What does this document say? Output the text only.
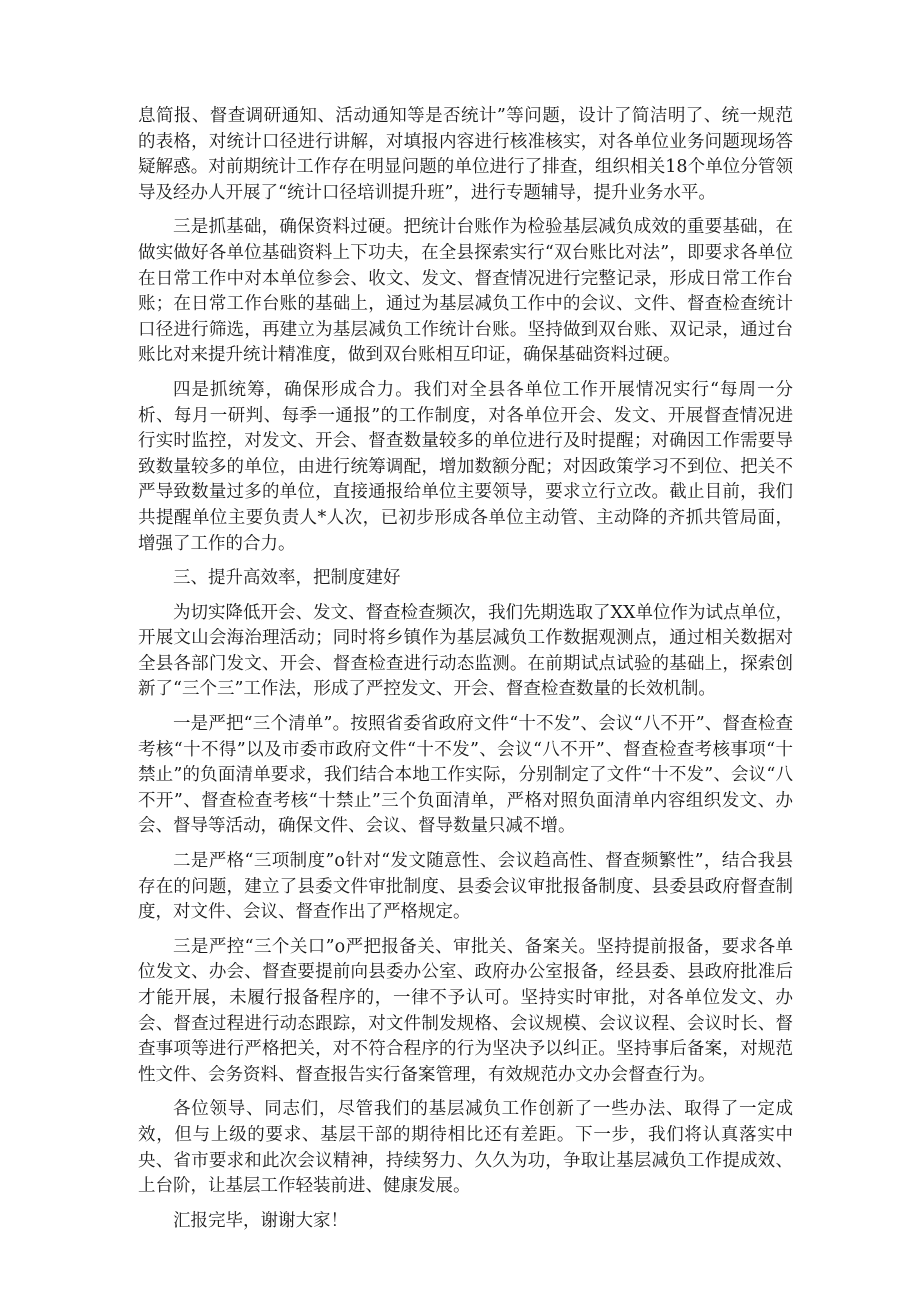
息简报、督查调研通知、活动通知等是否统计”等问题，设计了简洁明了、统一规范的表格，对统计口径进行讲解，对填报内容进行核准核实，对各单位业务问题现场答疑解惑。对前期统计工作存在明显问题的单位进行了排查，组织相关18个单位分管领导及经办人开展了“统计口径培训提升班”，进行专题辅导，提升业务水平。

三是抓基础，确保资料过硬。把统计台账作为检验基层减负成效的重要基础，在做实做好各单位基础资料上下功夫，在全县探索实行“双台账比对法”，即要求各单位在日常工作中对本单位参会、收文、发文、督查情况进行完整记录，形成日常工作台账；在日常工作台账的基础上，通过为基层减负工作中的会议、文件、督查检查统计口径进行筛选，再建立为基层减负工作统计台账。坚持做到双台账、双记录，通过台账比对来提升统计精准度，做到双台账相互印证，确保基础资料过硬。

四是抓统筹，确保形成合力。我们对全县各单位工作开展情况实行“每周一分析、每月一研判、每季一通报”的工作制度，对各单位开会、发文、开展督查情况进行实时监控，对发文、开会、督查数量较多的单位进行及时提醒；对确因工作需要导致数量较多的单位，由进行统筹调配，增加数额分配；对因政策学习不到位、把关不严导致数量过多的单位，直接通报给单位主要领导，要求立行立改。截止目前，我们共提醒单位主要负责人*人次，已初步形成各单位主动管、主动降的齐抓共管局面，增强了工作的合力。

三、提升高效率，把制度建好

为切实降低开会、发文、督查检查频次，我们先期选取了XX单位作为试点单位，开展文山会海治理活动；同时将乡镇作为基层减负工作数据观测点，通过相关数据对全县各部门发文、开会、督查检查进行动态监测。在前期试点试验的基础上，探索创新了“三个三”工作法，形成了严控发文、开会、督查检查数量的长效机制。

一是严把“三个清单”。按照省委省政府文件“十不发”、会议“八不开”、督查检查考核“十不得”以及市委市政府文件“十不发”、会议“八不开”、督查检查考核事项“十禁止”的负面清单要求，我们结合本地工作实际，分别制定了文件“十不发”、会议“八不开”、督查检查考核“十禁止”三个负面清单，严格对照负面清单内容组织发文、办会、督导等活动，确保文件、会议、督导数量只减不增。

二是严格“三项制度”o针对“发文随意性、会议趋高性、督查频繁性”，结合我县存在的问题，建立了县委文件审批制度、县委会议审批报备制度、县委县政府督查制度，对文件、会议、督查作出了严格规定。

三是严控“三个关口”o严把报备关、审批关、备案关。坚持提前报备，要求各单位发文、办会、督查要提前向县委办公室、政府办公室报备，经县委、县政府批准后才能开展，未履行报备程序的，一律不予认可。坚持实时审批，对各单位发文、办会、督查过程进行动态跟踪，对文件制发规格、会议规模、会议议程、会议时长、督查事项等进行严格把关，对不符合程序的行为坚决予以纠正。坚持事后备案，对规范性文件、会务资料、督查报告实行备案管理，有效规范办文办会督查行为。

各位领导、同志们，尽管我们的基层减负工作创新了一些办法、取得了一定成效，但与上级的要求、基层干部的期待相比还有差距。下一步，我们将认真落实中央、省市要求和此次会议精神，持续努力、久久为功，争取让基层减负工作提成效、上台阶，让基层工作轻装前进、健康发展。

汇报完毕，谢谢大家！
